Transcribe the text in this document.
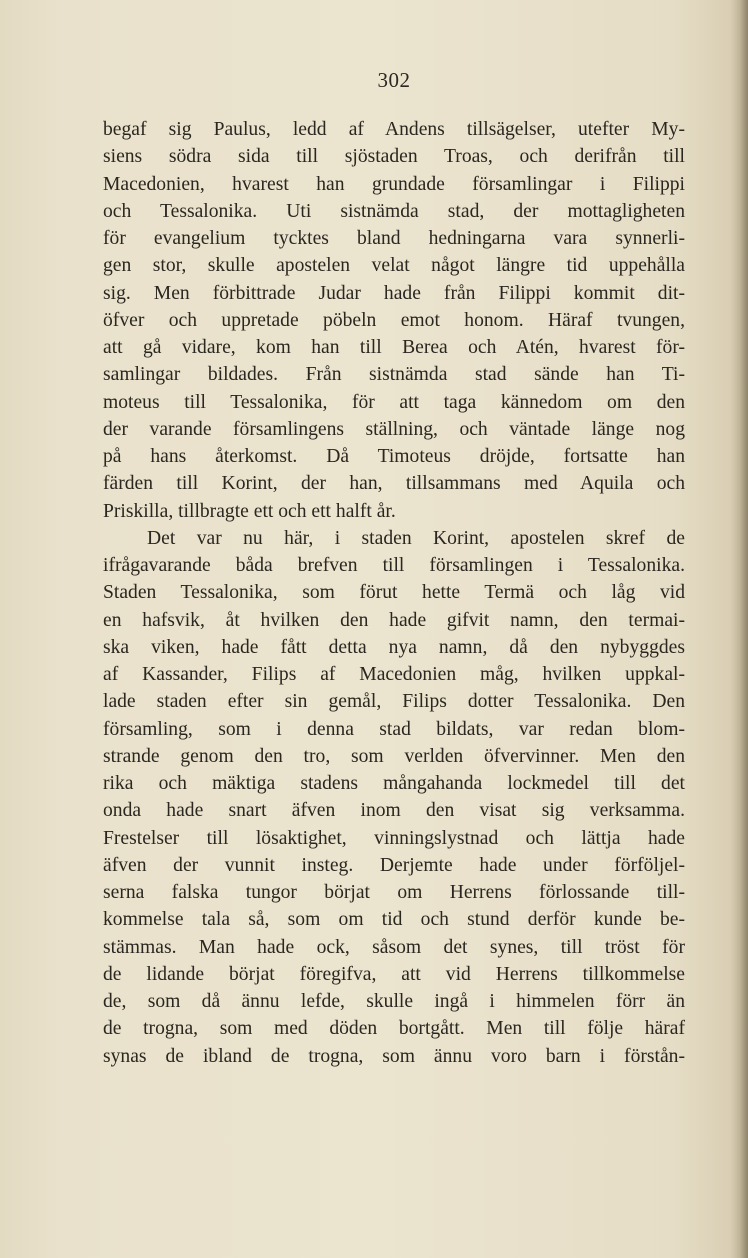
302
begaf sig Paulus, ledd af Andens tillsägelser, utefter My-
siens södra sida till sjöstaden Troas, och derifrån till
Macedonien, hvarest han grundade församlingar i Filippi
och Tessalonika. Uti sistnämda stad, der mottagligheten
för evangelium tycktes bland hedningarna vara synnerli-
gen stor, skulle apostelen velat något längre tid uppehålla
sig. Men förbittrade Judar hade från Filippi kommit dit-
öfver och uppretade pöbeln emot honom. Häraf tvungen,
att gå vidare, kom han till Berea och Atén, hvarest för-
samlingar bildades. Från sistnämda stad sände han Ti-
moteus till Tessalonika, för att taga kännedom om den
der varande församlingens ställning, och väntade länge nog
på hans återkomst. Då Timoteus dröjde, fortsatte han
färden till Korint, der han, tillsammans med Aquila och
Priskilla, tillbragte ett och ett halft år.
Det var nu här, i staden Korint, apostelen skref de
ifrågavarande båda brefven till församlingen i Tessalonika.
Staden Tessalonika, som förut hette Termä och låg vid
en hafsvik, åt hvilken den hade gifvit namn, den termai-
ska viken, hade fått detta nya namn, då den nybyggdes
af Kassander, Filips af Macedonien måg, hvilken uppkal-
lade staden efter sin gemål, Filips dotter Tessalonika. Den
församling, som i denna stad bildats, var redan blom-
strande genom den tro, som verlden öfvervinner. Men den
rika och mäktiga stadens mångahanda lockmedel till det
onda hade snart äfven inom den visat sig verksamma.
Frestelser till lösaktighet, vinningslystnad och lättja hade
äfven der vunnit insteg. Derjemte hade under förföljel-
serna falska tungor börjat om Herrens förlossande till-
kommelse tala så, som om tid och stund derför kunde be-
stämmas. Man hade ock, såsom det synes, till tröst för
de lidande börjat föregifva, att vid Herrens tillkommelse
de, som då ännu lefde, skulle ingå i himmelen förr än
de trogna, som med döden bortgått. Men till följe häraf
synas de ibland de trogna, som ännu voro barn i förstån-
